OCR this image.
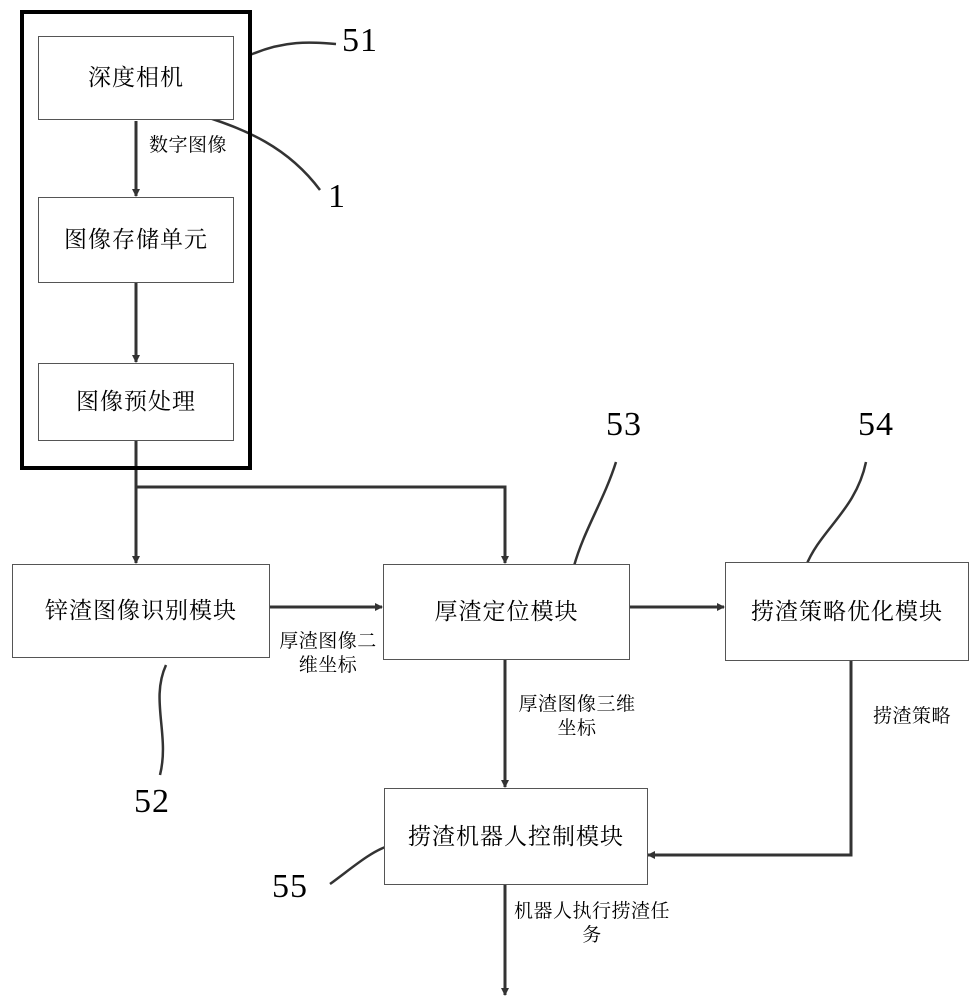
深度相机
图像存储单元
图像预处理
锌渣图像识别模块	厚渣定位模块	捞渣策略优化模块
捞渣机器人控制模块
数字图像
厚渣图像二维坐标
厚渣图像三维坐标
捞渣策略
机器人执行捞渣任务
51
1
52
53	54
55
